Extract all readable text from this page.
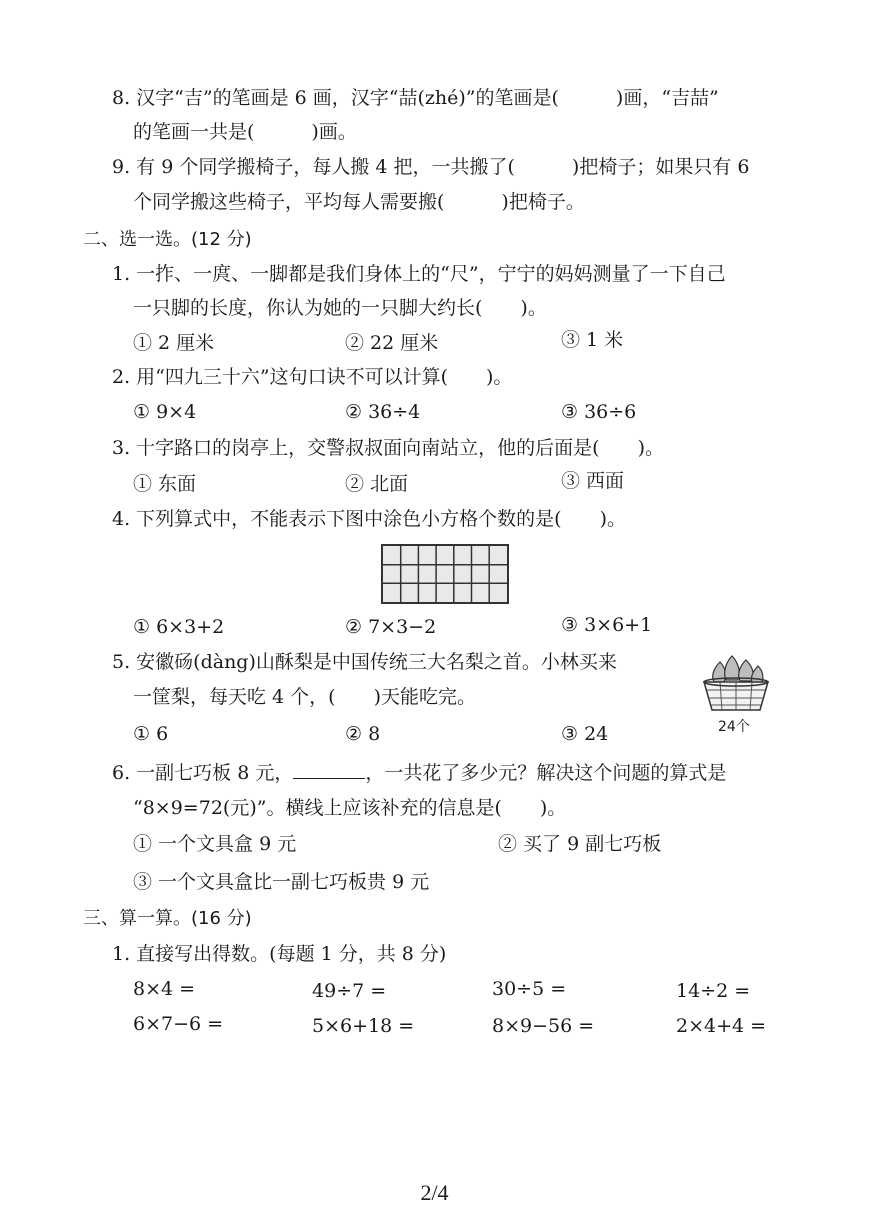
8. 汉字“吉”的笔画是 6 画，汉字“喆(zhé)”的笔画是(　　　)画，“吉喆”
的笔画一共是(　　　)画。
9. 有 9 个同学搬椅子，每人搬 4 把，一共搬了(　　　)把椅子；如果只有 6
个同学搬这些椅子，平均每人需要搬(　　　)把椅子。
二、选一选。(12 分)
1. 一拃、一庹、一脚都是我们身体上的“尺”，宁宁的妈妈测量了一下自己
一只脚的长度，你认为她的一只脚大约长(　　)。
① 2 厘米	② 22 厘米	③ 1 米
2. 用“四九三十六”这句口诀不可以计算(　　)。
① 9×4	② 36÷4	③ 36÷6
3. 十字路口的岗亭上，交警叔叔面向南站立，他的后面是(　　)。
① 东面	② 北面	③ 西面
4. 下列算式中，不能表示下图中涂色小方格个数的是(　　)。
① 6×3+2	② 7×3−2	③ 3×6+1
5. 安徽砀(dàng)山酥梨是中国传统三大名梨之首。小林买来
一筐梨，每天吃 4 个，(　　)天能吃完。
24个
① 6	② 8	③ 24
6. 一副七巧板 8 元，	，一共花了多少元？解决这个问题的算式是
“8×9=72(元)”。横线上应该补充的信息是(　　)。
① 一个文具盒 9 元	② 买了 9 副七巧板
③ 一个文具盒比一副七巧板贵 9 元
三、算一算。(16 分)
1. 直接写出得数。(每题 1 分，共 8 分)
8×4 =	49÷7 =	30÷5 =	14÷2 =
6×7−6 =	5×6+18 =	8×9−56 =	2×4+4 =
2/4
